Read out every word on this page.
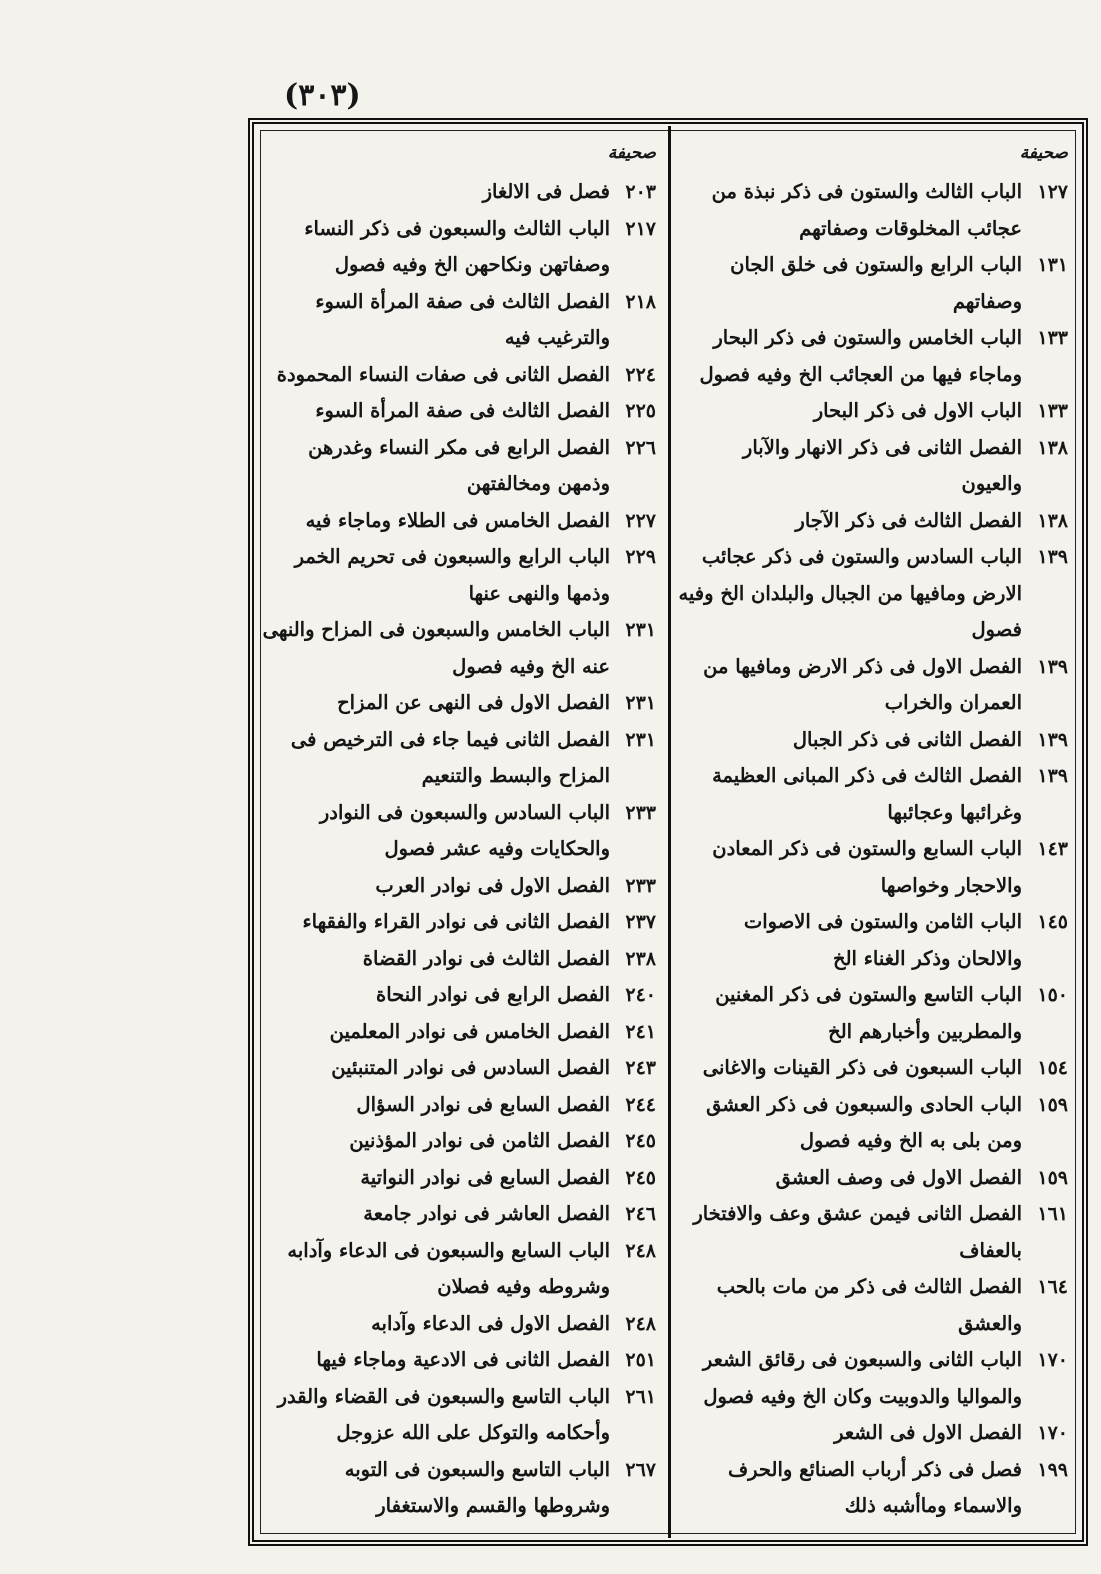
(٣٠٣)
صحيفة
١٢٧
الباب الثالث والستون فى ذكر نبذة من عجائب المخلوقات وصفاتهم
١٣١
الباب الرابع والستون فى خلق الجان وصفاتهم
١٣٣
الباب الخامس والستون فى ذكر البحار وماجاء فيها من العجائب الخ وفيه فصول
١٣٣
الباب الاول فى ذكر البحار
١٣٨
الفصل الثانى فى ذكر الانهار والآبار والعيون
١٣٨
الفصل الثالث فى ذكر الآجار
١٣٩
الباب السادس والستون فى ذكر عجائب الارض ومافيها من الجبال والبلدان الخ وفيه فصول
١٣٩
الفصل الاول فى ذكر الارض ومافيها من العمران والخراب
١٣٩
الفصل الثانى فى ذكر الجبال
١٣٩
الفصل الثالث فى ذكر المبانى العظيمة وغرائبها وعجائبها
١٤٣
الباب السابع والستون فى ذكر المعادن والاحجار وخواصها
١٤٥
الباب الثامن والستون فى الاصوات والالحان وذكر الغناء الخ
١٥٠
الباب التاسع والستون فى ذكر المغنين والمطربين وأخبارهم الخ
١٥٤
الباب السبعون فى ذكر القينات والاغانى
١٥٩
الباب الحادى والسبعون فى ذكر العشق ومن بلى به الخ وفيه فصول
١٥٩
الفصل الاول فى وصف العشق
١٦١
الفصل الثانى فيمن عشق وعف والافتخار بالعفاف
١٦٤
الفصل الثالث فى ذكر من مات بالحب والعشق
١٧٠
الباب الثانى والسبعون فى رقائق الشعر والمواليا والدوبيت وكان الخ وفيه فصول
١٧٠
الفصل الاول فى الشعر
١٩٩
فصل فى ذكر أرباب الصنائع والحرف والاسماء وماأشبه ذلك
صحيفة
٢٠٣
فصل فى الالغاز
٢١٧
الباب الثالث والسبعون فى ذكر النساء وصفاتهن ونكاحهن الخ وفيه فصول
٢١٨
الفصل الثالث فى صفة المرأة السوء والترغيب فيه
٢٢٤
الفصل الثانى فى صفات النساء المحمودة
٢٢٥
الفصل الثالث فى صفة المرأة السوء
٢٢٦
الفصل الرابع فى مكر النساء وغدرهن وذمهن ومخالفتهن
٢٢٧
الفصل الخامس فى الطلاء وماجاء فيه
٢٢٩
الباب الرابع والسبعون فى تحريم الخمر وذمها والنهى عنها
٢٣١
الباب الخامس والسبعون فى المزاح والنهى عنه الخ وفيه فصول
٢٣١
الفصل الاول فى النهى عن المزاح
٢٣١
الفصل الثانى فيما جاء فى الترخيص فى المزاح والبسط والتنعيم
٢٣٣
الباب السادس والسبعون فى النوادر والحكايات وفيه عشر فصول
٢٣٣
الفصل الاول فى نوادر العرب
٢٣٧
الفصل الثانى فى نوادر القراء والفقهاء
٢٣٨
الفصل الثالث فى نوادر القضاة
٢٤٠
الفصل الرابع فى نوادر النحاة
٢٤١
الفصل الخامس فى نوادر المعلمين
٢٤٣
الفصل السادس فى نوادر المتنبئين
٢٤٤
الفصل السابع فى نوادر السؤال
٢٤٥
الفصل الثامن فى نوادر المؤذنين
٢٤٥
الفصل السابع فى نوادر النواتية
٢٤٦
الفصل العاشر فى نوادر جامعة
٢٤٨
الباب السابع والسبعون فى الدعاء وآدابه وشروطه وفيه فصلان
٢٤٨
الفصل الاول فى الدعاء وآدابه
٢٥١
الفصل الثانى فى الادعية وماجاء فيها
٢٦١
الباب التاسع والسبعون فى القضاء والقدر وأحكامه والتوكل على الله عزوجل
٢٦٧
الباب التاسع والسبعون فى التوبه وشروطها والقسم والاستغفار
